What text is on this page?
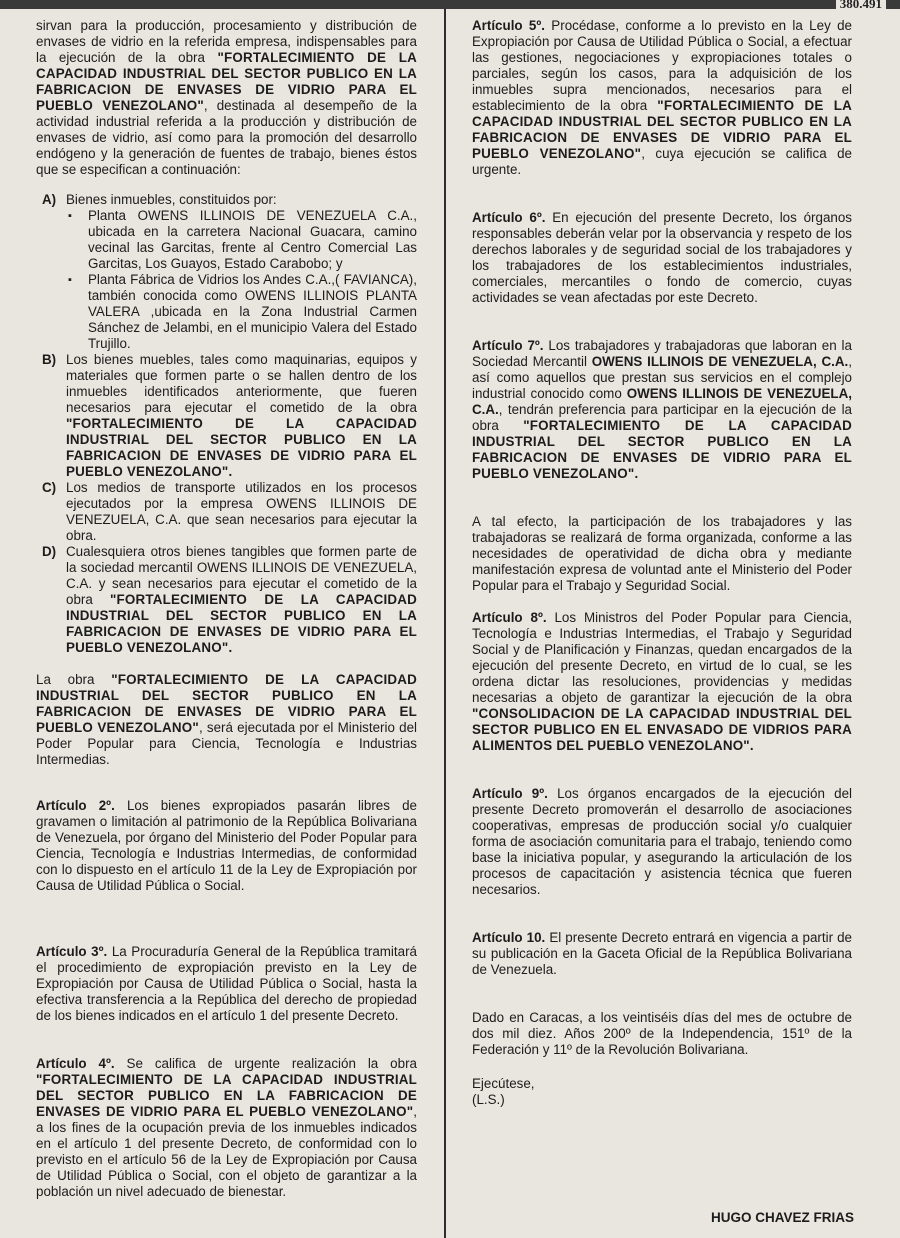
380.491

sirvan para la producción, procesamiento y distribución de envases de vidrio en la referida empresa, indispensables para la ejecución de la obra "FORTALECIMIENTO DE LA CAPACIDAD INDUSTRIAL DEL SECTOR PUBLICO EN LA FABRICACION DE ENVASES DE VIDRIO PARA EL PUEBLO VENEZOLANO", destinada al desempeño de la actividad industrial referida a la producción y distribución de envases de vidrio, así como para la promoción del desarrollo endógeno y la generación de fuentes de trabajo, bienes éstos que se especifican a continuación:

A) Bienes inmuebles, constituidos por:
▪ Planta OWENS ILLINOIS DE VENEZUELA C.A., ubicada en la carretera Nacional Guacara, camino vecinal las Garcitas, frente al Centro Comercial Las Garcitas, Los Guayos, Estado Carabobo; y
▪ Planta Fábrica de Vidrios los Andes C.A.,( FAVIANCA), también conocida como OWENS ILLINOIS PLANTA VALERA ,ubicada en la Zona Industrial Carmen Sánchez de Jelambi, en el municipio Valera del Estado Trujillo.
B) Los bienes muebles, tales como maquinarias, equipos y materiales que formen parte o se hallen dentro de los inmuebles identificados anteriormente, que fueren necesarios para ejecutar el cometido de la obra "FORTALECIMIENTO DE LA CAPACIDAD INDUSTRIAL DEL SECTOR PUBLICO EN LA FABRICACION DE ENVASES DE VIDRIO PARA EL PUEBLO VENEZOLANO".
C) Los medios de transporte utilizados en los procesos ejecutados por la empresa OWENS ILLINOIS DE VENEZUELA, C.A. que sean necesarios para ejecutar la obra.
D) Cualesquiera otros bienes tangibles que formen parte de la sociedad mercantil OWENS ILLINOIS DE VENEZUELA, C.A. y sean necesarios para ejecutar el cometido de la obra "FORTALECIMIENTO DE LA CAPACIDAD INDUSTRIAL DEL SECTOR PUBLICO EN LA FABRICACION DE ENVASES DE VIDRIO PARA EL PUEBLO VENEZOLANO".

La obra "FORTALECIMIENTO DE LA CAPACIDAD INDUSTRIAL DEL SECTOR PUBLICO EN LA FABRICACION DE ENVASES DE VIDRIO PARA EL PUEBLO VENEZOLANO", será ejecutada por el Ministerio del Poder Popular para Ciencia, Tecnología e Industrias Intermedias.

Artículo 2º. Los bienes expropiados pasarán libres de gravamen o limitación al patrimonio de la República Bolivariana de Venezuela, por órgano del Ministerio del Poder Popular para Ciencia, Tecnología e Industrias Intermedias, de conformidad con lo dispuesto en el artículo 11 de la Ley de Expropiación por Causa de Utilidad Pública o Social.

Artículo 3º. La Procuraduría General de la República tramitará el procedimiento de expropiación previsto en la Ley de Expropiación por Causa de Utilidad Pública o Social, hasta la efectiva transferencia a la República del derecho de propiedad de los bienes indicados en el artículo 1 del presente Decreto.

Artículo 4º. Se califica de urgente realización la obra "FORTALECIMIENTO DE LA CAPACIDAD INDUSTRIAL DEL SECTOR PUBLICO EN LA FABRICACION DE ENVASES DE VIDRIO PARA EL PUEBLO VENEZOLANO", a los fines de la ocupación previa de los inmuebles indicados en el artículo 1 del presente Decreto, de conformidad con lo previsto en el artículo 56 de la Ley de Expropiación por Causa de Utilidad Pública o Social, con el objeto de garantizar a la población un nivel adecuado de bienestar.

Artículo 5º. Procédase, conforme a lo previsto en la Ley de Expropiación por Causa de Utilidad Pública o Social, a efectuar las gestiones, negociaciones y expropiaciones totales o parciales, según los casos, para la adquisición de los inmuebles supra mencionados, necesarios para el establecimiento de la obra "FORTALECIMIENTO DE LA CAPACIDAD INDUSTRIAL DEL SECTOR PUBLICO EN LA FABRICACION DE ENVASES DE VIDRIO PARA EL PUEBLO VENEZOLANO", cuya ejecución se califica de urgente.

Artículo 6º. En ejecución del presente Decreto, los órganos responsables deberán velar por la observancia y respeto de los derechos laborales y de seguridad social de los trabajadores y los trabajadores de los establecimientos industriales, comerciales, mercantiles o fondo de comercio, cuyas actividades se vean afectadas por este Decreto.

Artículo 7º. Los trabajadores y trabajadoras que laboran en la Sociedad Mercantil OWENS ILLINOIS DE VENEZUELA, C.A., así como aquellos que prestan sus servicios en el complejo industrial conocido como OWENS ILLINOIS DE VENEZUELA, C.A., tendrán preferencia para participar en la ejecución de la obra "FORTALECIMIENTO DE LA CAPACIDAD INDUSTRIAL DEL SECTOR PUBLICO EN LA FABRICACION DE ENVASES DE VIDRIO PARA EL PUEBLO VENEZOLANO".

A tal efecto, la participación de los trabajadores y las trabajadoras se realizará de forma organizada, conforme a las necesidades de operatividad de dicha obra y mediante manifestación expresa de voluntad ante el Ministerio del Poder Popular para el Trabajo y Seguridad Social.

Artículo 8º. Los Ministros del Poder Popular para Ciencia, Tecnología e Industrias Intermedias, el Trabajo y Seguridad Social y de Planificación y Finanzas, quedan encargados de la ejecución del presente Decreto, en virtud de lo cual, se les ordena dictar las resoluciones, providencias y medidas necesarias a objeto de garantizar la ejecución de la obra "CONSOLIDACION DE LA CAPACIDAD INDUSTRIAL DEL SECTOR PUBLICO EN EL ENVASADO DE VIDRIOS PARA ALIMENTOS DEL PUEBLO VENEZOLANO".

Artículo 9º. Los órganos encargados de la ejecución del presente Decreto promoverán el desarrollo de asociaciones cooperativas, empresas de producción social y/o cualquier forma de asociación comunitaria para el trabajo, teniendo como base la iniciativa popular, y asegurando la articulación de los procesos de capacitación y asistencia técnica que fueren necesarios.

Artículo 10. El presente Decreto entrará en vigencia a partir de su publicación en la Gaceta Oficial de la República Bolivariana de Venezuela.

Dado en Caracas, a los veintiséis días del mes de octubre de dos mil diez. Años 200º de la Independencia, 151º de la Federación y 11º de la Revolución Bolivariana.

Ejecútese,

(L.S.)

HUGO CHAVEZ FRIAS
